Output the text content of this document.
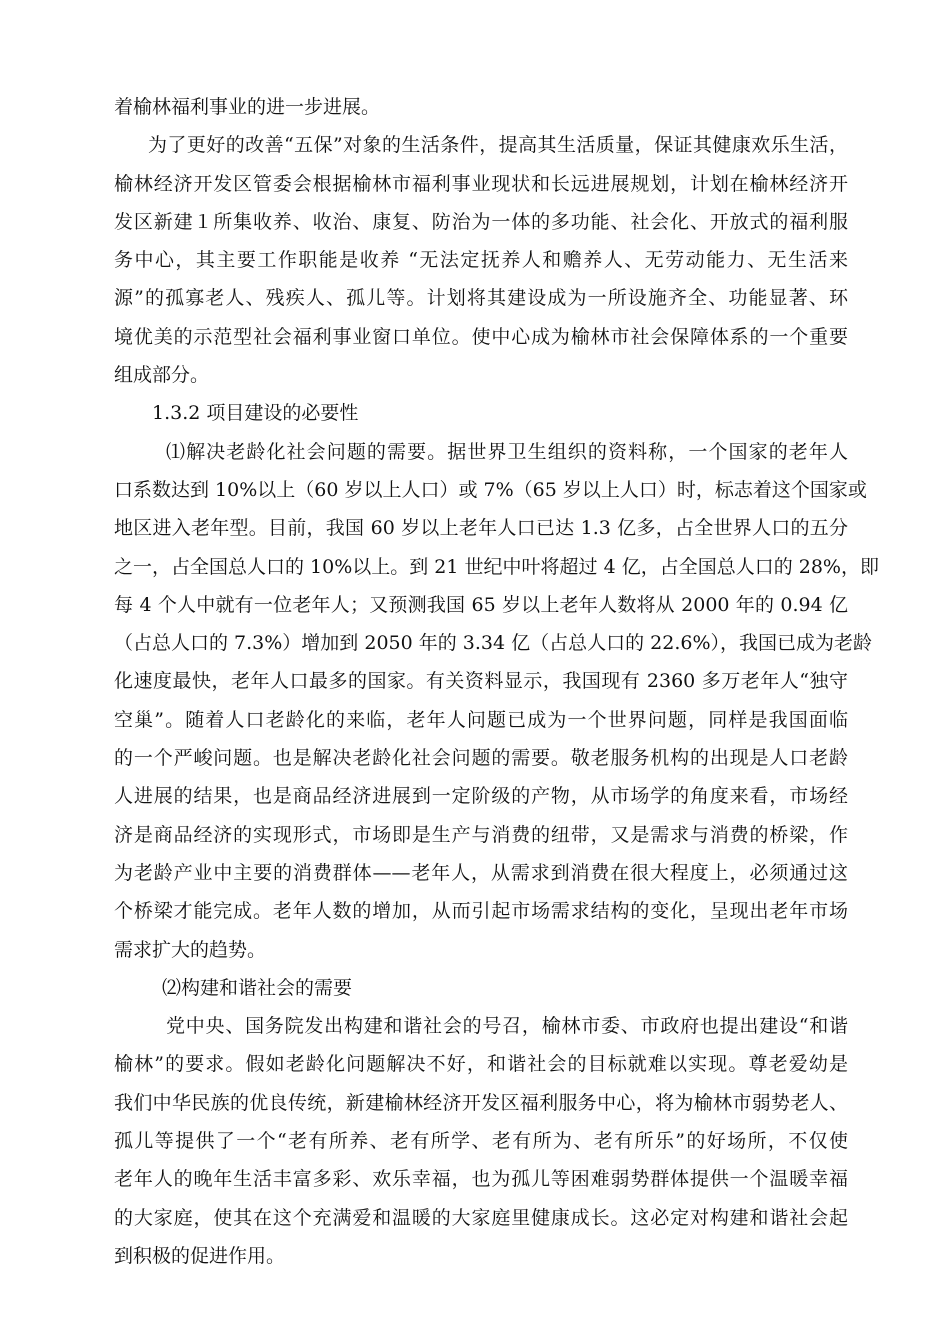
着榆林福利事业的进一步进展。
为了更好的改善“五保”对象的生活条件，提高其生活质量，保证其健康欢乐生活，
榆林经济开发区管委会根据榆林市福利事业现状和长远进展规划，计划在榆林经济开
发区新建１所集收养、收治、康复、防治为一体的多功能、社会化、开放式的福利服
务中心，其主要工作职能是收养 “无法定抚养人和赡养人、无劳动能力、无生活来
源”的孤寡老人、残疾人、孤儿等。计划将其建设成为一所设施齐全、功能显著、环
境优美的示范型社会福利事业窗口单位。使中心成为榆林市社会保障体系的一个重要
组成部分。
1.3.2 项目建设的必要性
⑴解决老龄化社会问题的需要。据世界卫生组织的资料称，一个国家的老年人
口系数达到 10%以上（60 岁以上人口）或 7%（65 岁以上人口）时，标志着这个国家或
地区进入老年型。目前，我国 60 岁以上老年人口已达 1.3 亿多，占全世界人口的五分
之一，占全国总人口的 10%以上。到 21 世纪中叶将超过 4 亿，占全国总人口的 28%，即
每 4 个人中就有一位老年人；又预测我国 65 岁以上老年人数将从 2000 年的 0.94 亿
（占总人口的 7.3%）增加到 2050 年的 3.34 亿（占总人口的 22.6%），我国已成为老龄
化速度最快，老年人口最多的国家。有关资料显示，我国现有 2360 多万老年人“独守
空巢”。随着人口老龄化的来临，老年人问题已成为一个世界问题，同样是我国面临
的一个严峻问题。也是解决老龄化社会问题的需要。敬老服务机构的出现是人口老龄
人进展的结果，也是商品经济进展到一定阶级的产物，从市场学的角度来看，市场经
济是商品经济的实现形式，市场即是生产与消费的纽带，又是需求与消费的桥梁，作
为老龄产业中主要的消费群体——老年人，从需求到消费在很大程度上，必须通过这
个桥梁才能完成。老年人数的增加，从而引起市场需求结构的变化，呈现出老年市场
需求扩大的趋势。
⑵构建和谐社会的需要
党中央、国务院发出构建和谐社会的号召，榆林市委、市政府也提出建设“和谐
榆林”的要求。假如老龄化问题解决不好，和谐社会的目标就难以实现。尊老爱幼是
我们中华民族的优良传统，新建榆林经济开发区福利服务中心，将为榆林市弱势老人、
孤儿等提供了一个“老有所养、老有所学、老有所为、老有所乐”的好场所，不仅使
老年人的晚年生活丰富多彩、欢乐幸福，也为孤儿等困难弱势群体提供一个温暖幸福
的大家庭，使其在这个充满爱和温暖的大家庭里健康成长。这必定对构建和谐社会起
到积极的促进作用。
